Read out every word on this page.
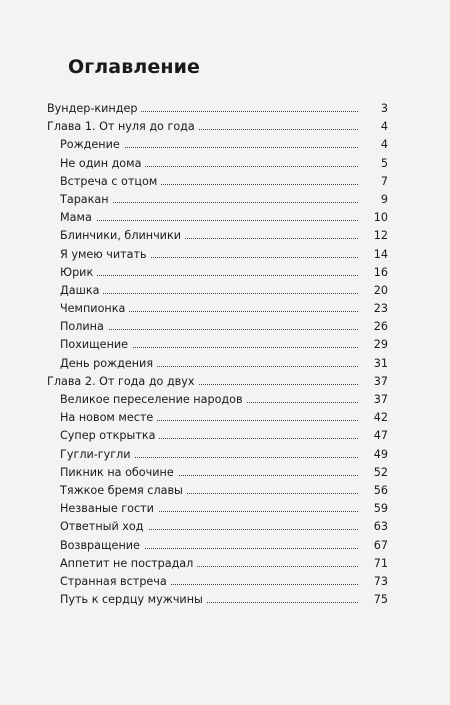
Оглавление
Вундер-киндер	3
Глава 1. От нуля до года	4
Рождение	4
Не один дома	5
Встреча с отцом	7
Таракан	9
Мама	10
Блинчики, блинчики	12
Я умею читать	14
Юрик	16
Дашка	20
Чемпионка	23
Полина	26
Похищение	29
День рождения	31
Глава 2. От года до двух	37
Великое переселение народов	37
На новом месте	42
Супер открытка	47
Гугли-гугли	49
Пикник на обочине	52
Тяжкое бремя славы	56
Незваные гости	59
Ответный ход	63
Возвращение	67
Аппетит не пострадал	71
Странная встреча	73
Путь к сердцу мужчины	75
